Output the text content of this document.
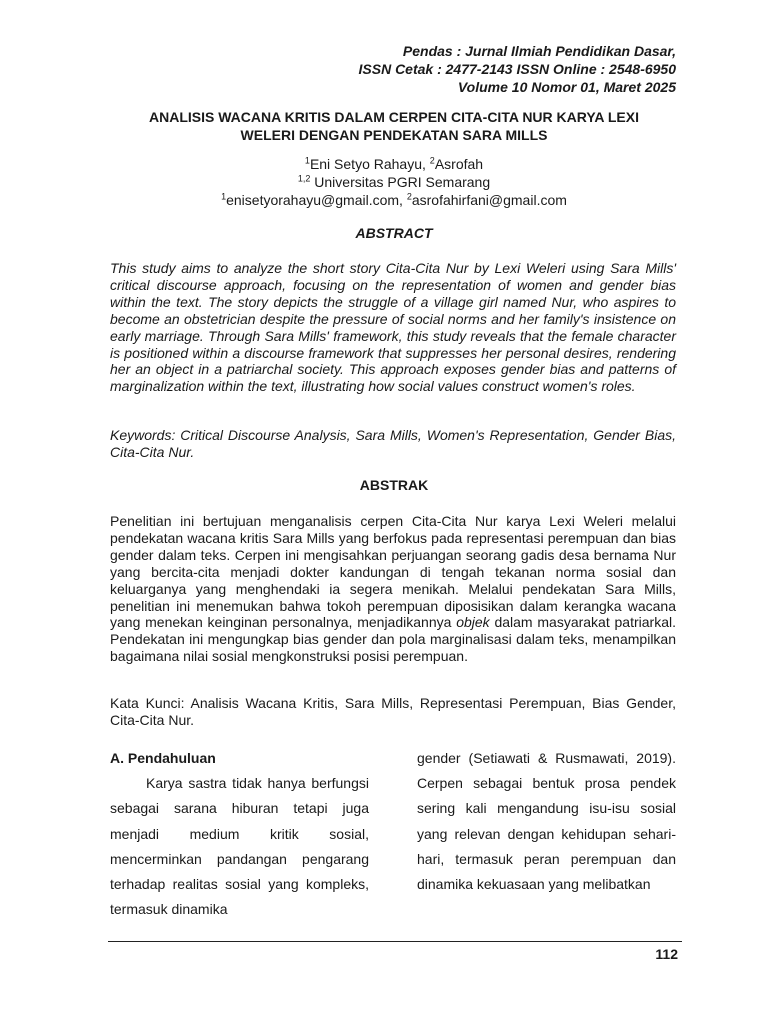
Pendas : Jurnal Ilmiah Pendidikan Dasar,
ISSN Cetak : 2477-2143 ISSN Online : 2548-6950
Volume 10 Nomor 01, Maret 2025
ANALISIS WACANA KRITIS DALAM CERPEN CITA-CITA NUR KARYA LEXI
WELERI DENGAN PENDEKATAN SARA MILLS
$^1$Eni Setyo Rahayu, $^2$Asrofah
$^{1,2}$ Universitas PGRI Semarang
$^1$enisetyorahayu@gmail.com, $^2$asrofahirfani@gmail.com
ABSTRACT
This study aims to analyze the short story Cita-Cita Nur by Lexi Weleri using Sara Mills' critical discourse approach, focusing on the representation of women and gender bias within the text. The story depicts the struggle of a village girl named Nur, who aspires to become an obstetrician despite the pressure of social norms and her family's insistence on early marriage. Through Sara Mills' framework, this study reveals that the female character is positioned within a discourse framework that suppresses her personal desires, rendering her an object in a patriarchal society. This approach exposes gender bias and patterns of marginalization within the text, illustrating how social values construct women's roles.
Keywords: Critical Discourse Analysis, Sara Mills, Women's Representation, Gender Bias, Cita-Cita Nur.
ABSTRAK
Penelitian ini bertujuan menganalisis cerpen Cita-Cita Nur karya Lexi Weleri melalui pendekatan wacana kritis Sara Mills yang berfokus pada representasi perempuan dan bias gender dalam teks. Cerpen ini mengisahkan perjuangan seorang gadis desa bernama Nur yang bercita-cita menjadi dokter kandungan di tengah tekanan norma sosial dan keluarganya yang menghendaki ia segera menikah. Melalui pendekatan Sara Mills, penelitian ini menemukan bahwa tokoh perempuan diposisikan dalam kerangka wacana yang menekan keinginan personalnya, menjadikannya objek dalam masyarakat patriarkal. Pendekatan ini mengungkap bias gender dan pola marginalisasi dalam teks, menampilkan bagaimana nilai sosial mengkonstruksi posisi perempuan.
Kata Kunci: Analisis Wacana Kritis, Sara Mills, Representasi Perempuan, Bias Gender, Cita-Cita Nur.
A. Pendahuluan
Karya sastra tidak hanya berfungsi sebagai sarana hiburan tetapi juga menjadi medium kritik sosial, mencerminkan pandangan pengarang terhadap realitas sosial yang kompleks, termasuk dinamika
gender (Setiawati & Rusmawati, 2019). Cerpen sebagai bentuk prosa pendek sering kali mengandung isu-isu sosial yang relevan dengan kehidupan sehari-hari, termasuk peran perempuan dan dinamika kekuasaan yang melibatkan
112
